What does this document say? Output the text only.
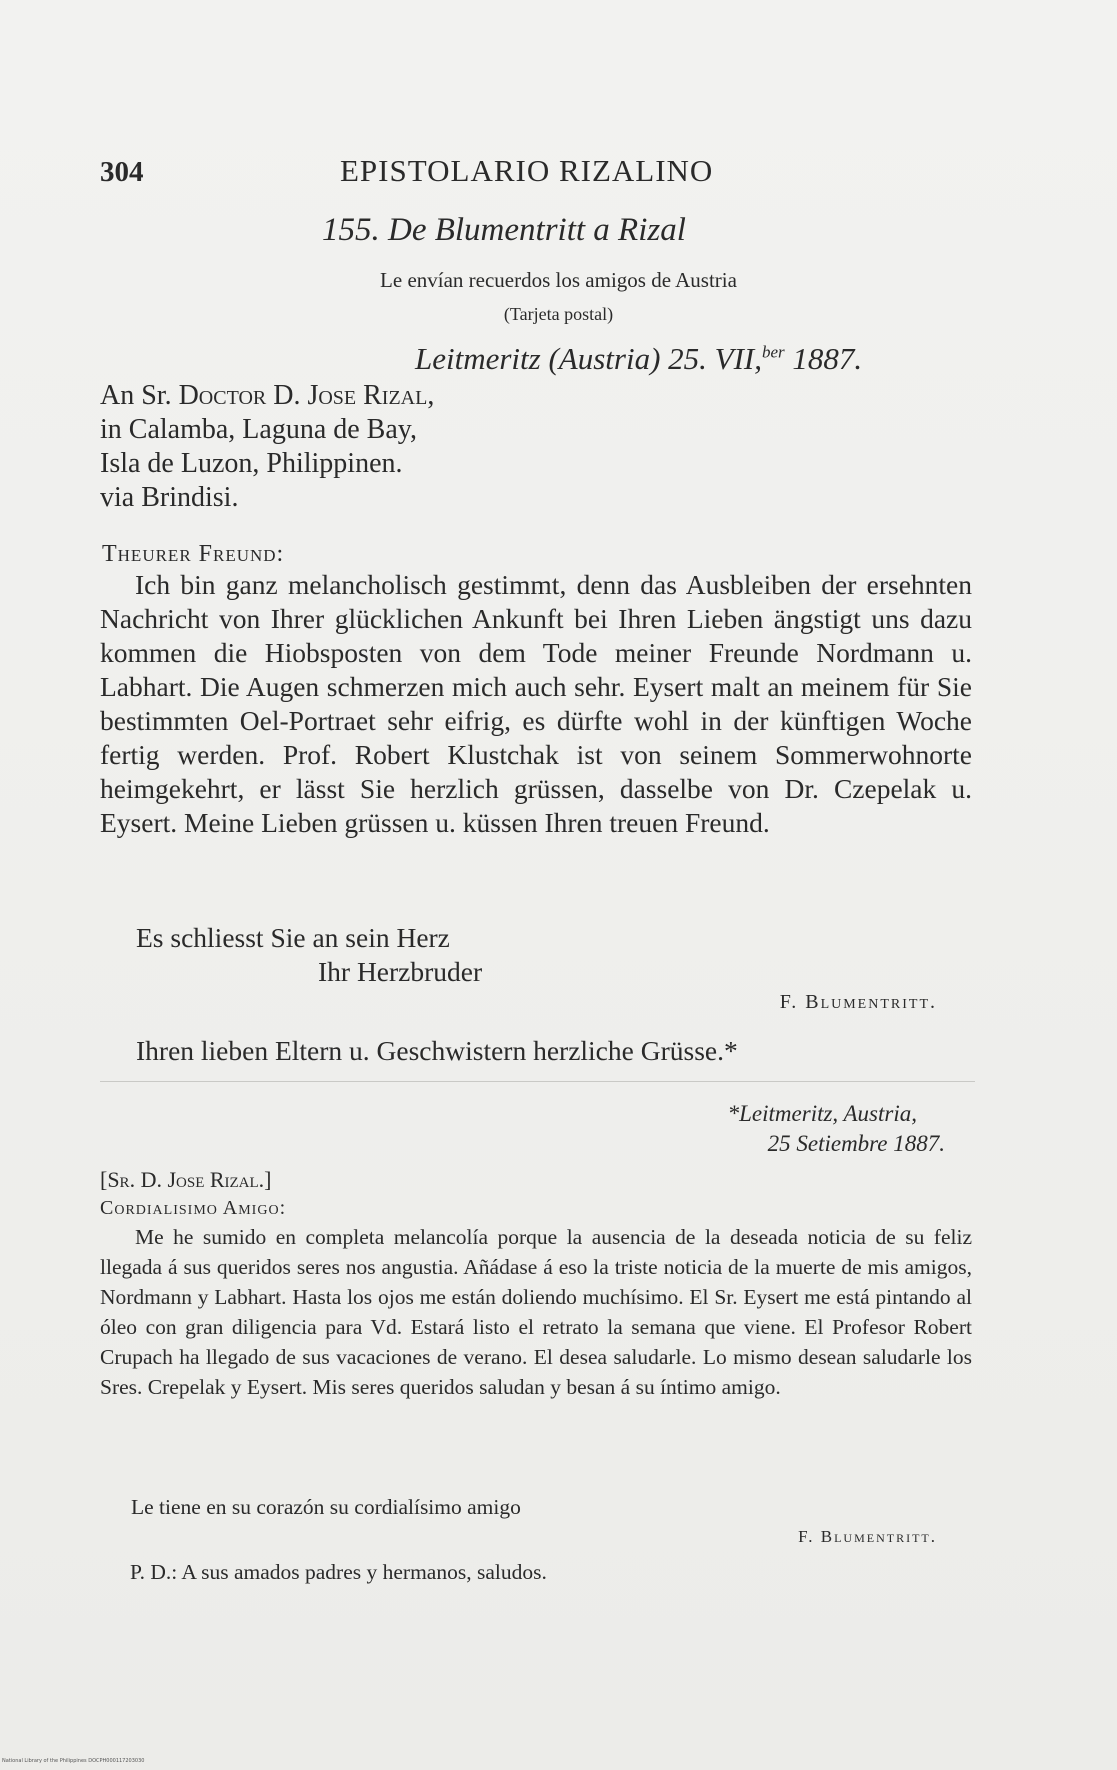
304	EPISTOLARIO RIZALINO
155. De Blumentritt a Rizal
Le envían recuerdos los amigos de Austria
(Tarjeta postal)
Leitmeritz (Austria) 25. VII,$^{ber}$ 1887.
An Sr. Doctor D. Jose Rizal,
in Calamba, Laguna de Bay,
Isla de Luzon, Philippinen.
via Brindisi.
Theurer Freund:
Ich bin ganz melancholisch gestimmt, denn das Ausbleiben der ersehnten Nachricht von Ihrer glücklichen Ankunft bei Ihren Lieben ängstigt uns dazu kommen die Hiobsposten von dem Tode meiner Freunde Nordmann u. Labhart. Die Augen schmerzen mich auch sehr. Eysert malt an meinem für Sie bestimmten Oel-Portraet sehr eifrig, es dürfte wohl in der künftigen Woche fertig werden. Prof. Robert Klustchak ist von seinem Sommerwohnorte heimgekehrt, er lässt Sie herzlich grüssen, dasselbe von Dr. Czepelak u. Eysert. Meine Lieben grüssen u. küssen Ihren treuen Freund.
Es schliesst Sie an sein Herz
Ihr Herzbruder
F. Blumentritt.
Ihren lieben Eltern u. Geschwistern herzliche Grüsse.*
*Leitmeritz, Austria,
25 Setiembre 1887.
[Sr. D. Jose Rizal.]
Cordialisimo Amigo:
Me he sumido en completa melancolía porque la ausencia de la deseada noticia de su feliz llegada á sus queridos seres nos angustia. Añádase á eso la triste noticia de la muerte de mis amigos, Nordmann y Labhart. Hasta los ojos me están doliendo muchísimo. El Sr. Eysert me está pintando al óleo con gran diligencia para Vd. Estará listo el retrato la semana que viene. El Profesor Robert Crupach ha llegado de sus vacaciones de verano. El desea saludarle. Lo mismo desean saludarle los Sres. Crepelak y Eysert. Mis seres queridos saludan y besan á su íntimo amigo.
Le tiene en su corazón su cordialísimo amigo
F. Blumentritt.
P. D.: A sus amados padres y hermanos, saludos.
National Library of the Philippines DOCPH000117203030
